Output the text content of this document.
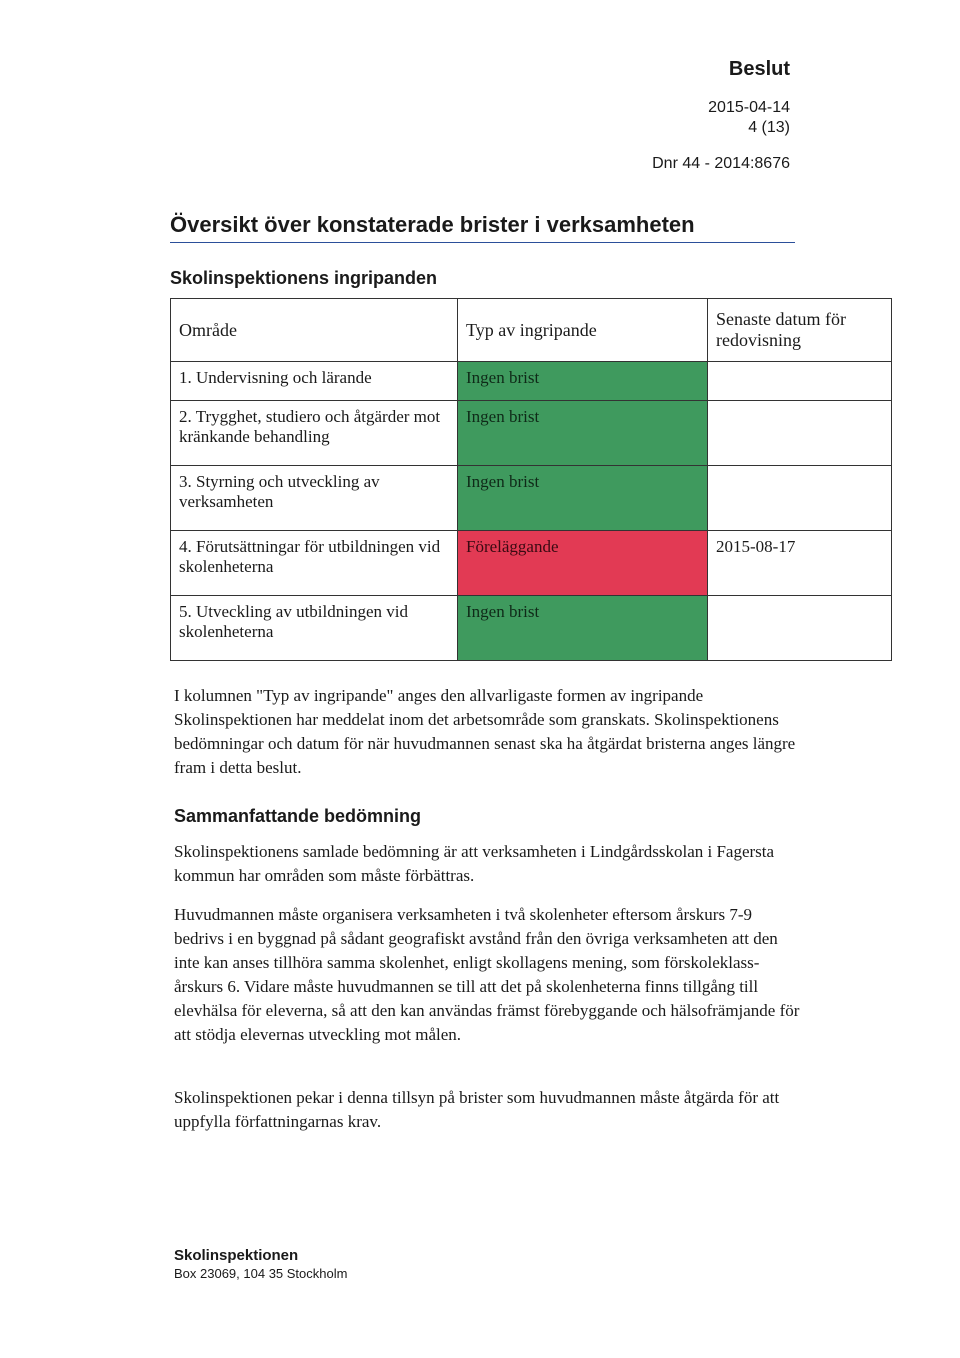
Beslut
2015-04-14
4 (13)
Dnr 44 - 2014:8676
Översikt över konstaterade brister i verksamheten
Skolinspektionens ingripanden
Område	Typ av ingripande	Senaste datum för redovisning
1. Undervisning och lärande	Ingen brist	
2. Trygghet, studiero och åtgärder mot kränkande behandling	Ingen brist	
3. Styrning och utveckling av verksamheten	Ingen brist	
4. Förutsättningar för utbildningen vid skolenheterna	Föreläggande	2015-08-17
5. Utveckling av utbildningen vid skolenheterna	Ingen brist	
I kolumnen "Typ av ingripande" anges den allvarligaste formen av ingripande Skolinspektionen har meddelat inom det arbetsområde som granskats. Skolinspektionens bedömningar och datum för när huvudmannen senast ska ha åtgärdat bristerna anges längre fram i detta beslut.
Sammanfattande bedömning
Skolinspektionens samlade bedömning är att verksamheten i Lindgårdsskolan i Fagersta kommun har områden som måste förbättras.
Huvudmannen måste organisera verksamheten i två skolenheter eftersom årskurs 7-9 bedrivs i en byggnad på sådant geografiskt avstånd från den övriga verksamheten att den inte kan anses tillhöra samma skolenhet, enligt skollagens mening, som förskoleklass-årskurs 6. Vidare måste huvudmannen se till att det på skolenheterna finns tillgång till elevhälsa för eleverna, så att den kan användas främst förebyggande och hälsofrämjande för att stödja elevernas utveckling mot målen.
Skolinspektionen pekar i denna tillsyn på brister som huvudmannen måste åtgärda för att uppfylla författningarnas krav.
Skolinspektionen
Box 23069, 104 35 Stockholm
